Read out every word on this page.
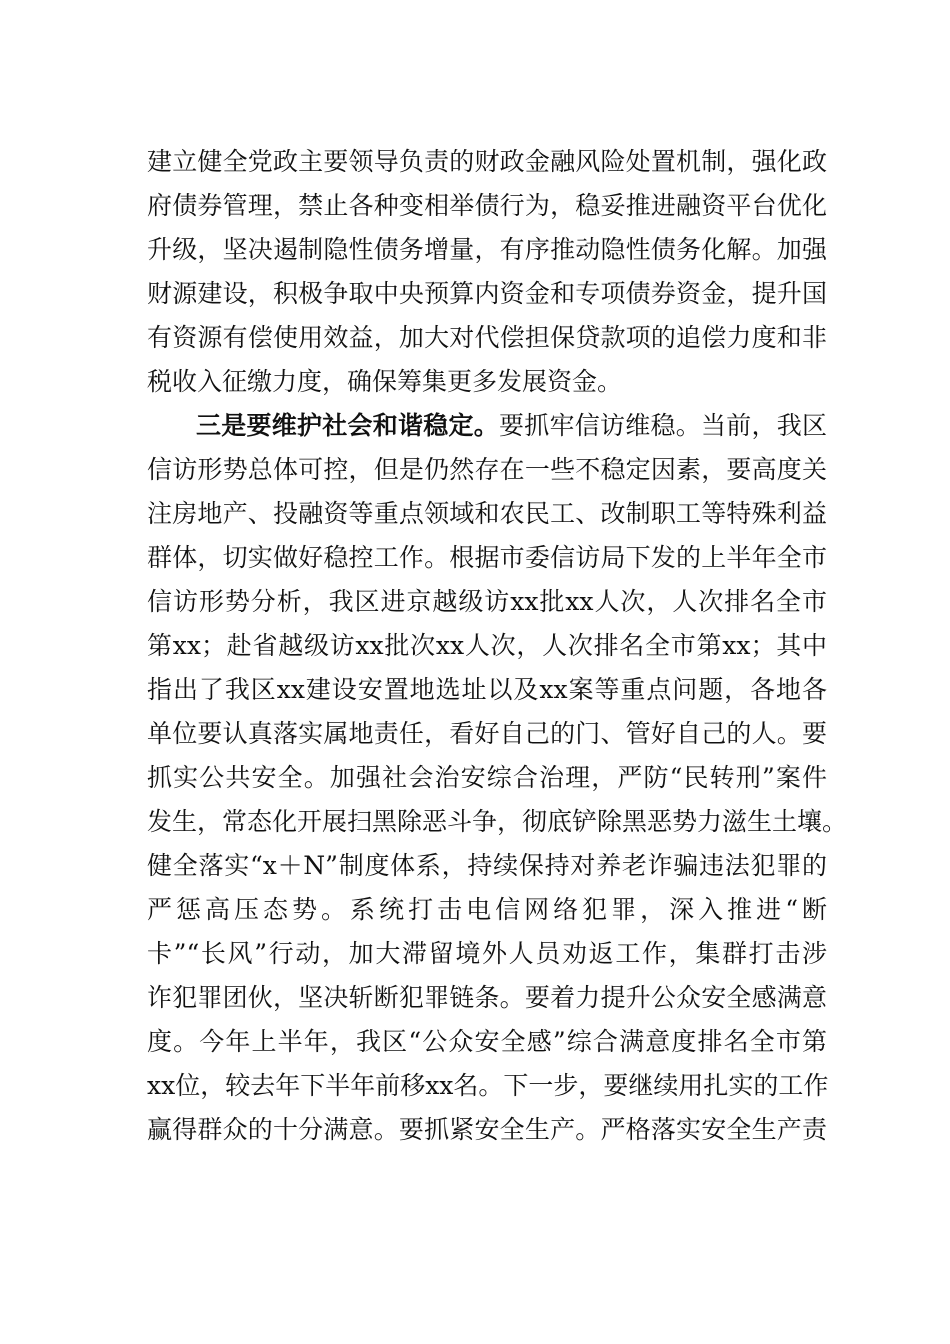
建立健全党政主要领导负责的财政金融风险处置机制，强化政
府债券管理，禁止各种变相举债行为，稳妥推进融资平台优化
升级，坚决遏制隐性债务增量，有序推动隐性债务化解。加强
财源建设，积极争取中央预算内资金和专项债券资金，提升国
有资源有偿使用效益，加大对代偿担保贷款项的追偿力度和非
税收入征缴力度，确保筹集更多发展资金。
三是要维护社会和谐稳定。要抓牢信访维稳。当前，我区
信访形势总体可控，但是仍然存在一些不稳定因素，要高度关
注房地产、投融资等重点领域和农民工、改制职工等特殊利益
群体，切实做好稳控工作。根据市委信访局下发的上半年全市
信访形势分析，我区进京越级访xx批xx人次，人次排名全市
第xx；赴省越级访xx批次xx人次，人次排名全市第xx；其中
指出了我区xx建设安置地选址以及xx案等重点问题，各地各
单位要认真落实属地责任，看好自己的门、管好自己的人。要
抓实公共安全。加强社会治安综合治理，严防“民转刑”案件
发生，常态化开展扫黑除恶斗争，彻底铲除黑恶势力滋生土壤。
健全落实“x＋N”制度体系，持续保持对养老诈骗违法犯罪的
严惩高压态势。系统打击电信网络犯罪，深入推进“断
卡”“长风”行动，加大滞留境外人员劝返工作，集群打击涉
诈犯罪团伙，坚决斩断犯罪链条。要着力提升公众安全感满意
度。今年上半年，我区“公众安全感”综合满意度排名全市第
xx位，较去年下半年前移xx名。下一步，要继续用扎实的工作
赢得群众的十分满意。要抓紧安全生产。严格落实安全生产责
